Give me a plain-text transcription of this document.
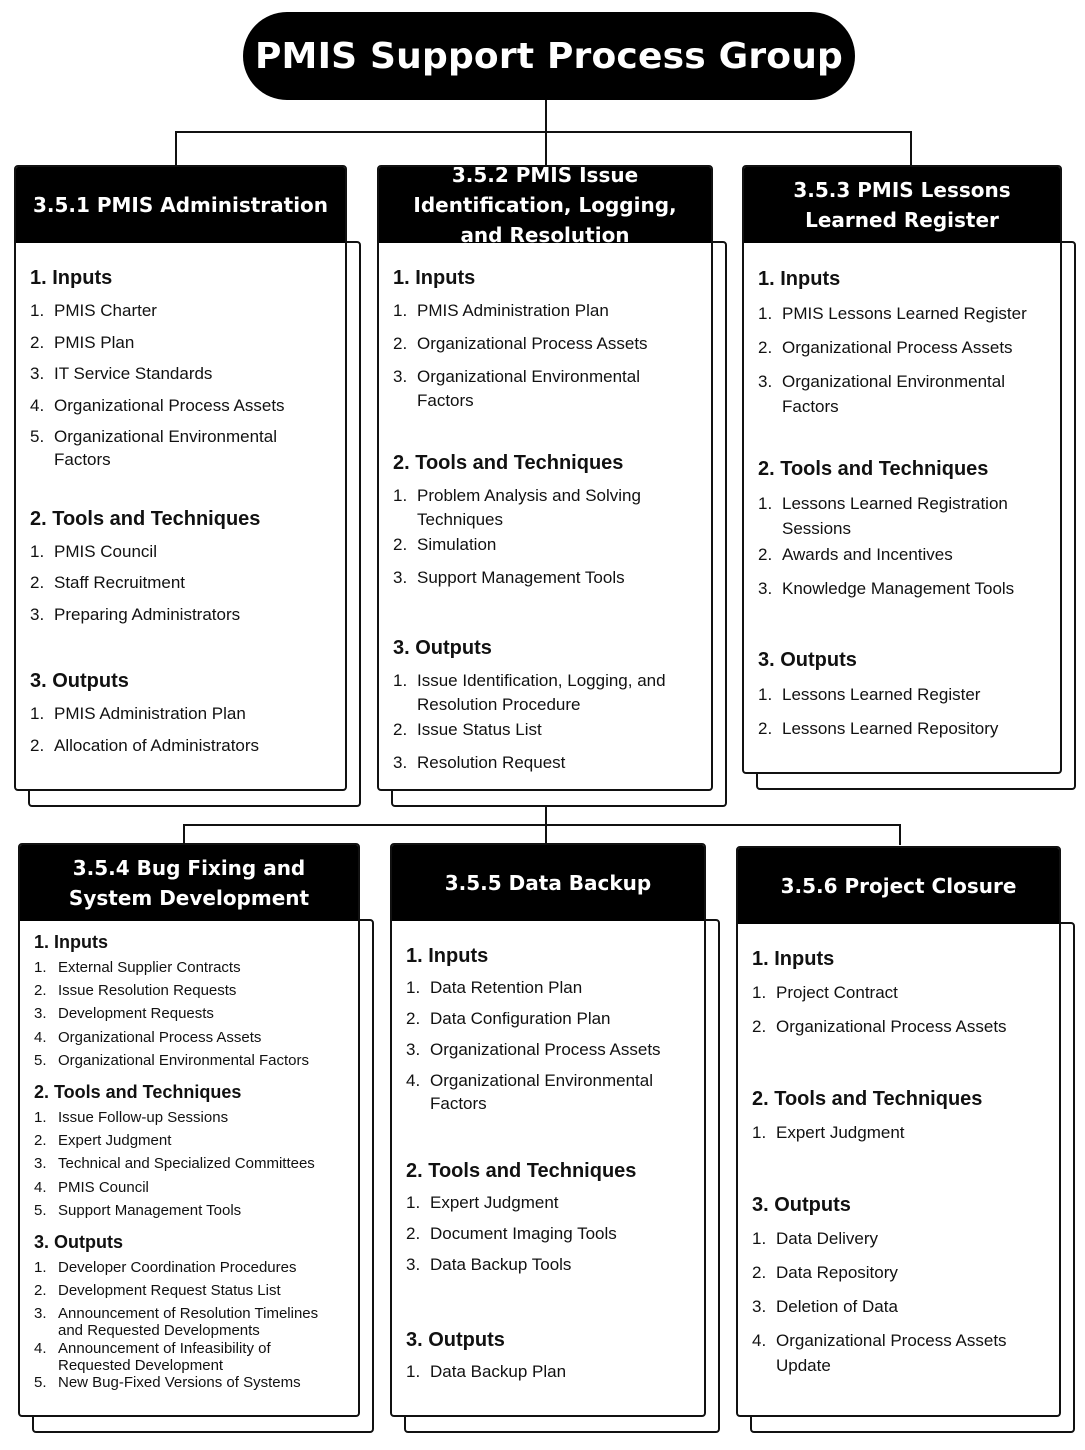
PMIS Support Process Group
3.5.1 PMIS Administration
1. Inputs
1. PMIS Charter
2. PMIS Plan
3. IT Service Standards
4. Organizational Process Assets
5. Organizational Environmental Factors
2. Tools and Techniques
1. PMIS Council
2. Staff Recruitment
3. Preparing Administrators
3. Outputs
1. PMIS Administration Plan
2. Allocation of Administrators
3.5.2 PMIS Issue Identification, Logging, and Resolution
1. Inputs
1. PMIS Administration Plan
2. Organizational Process Assets
3. Organizational Environmental Factors
2. Tools and Techniques
1. Problem Analysis and Solving Techniques
2. Simulation
3. Support Management Tools
3. Outputs
1. Issue Identification, Logging, and Resolution Procedure
2. Issue Status List
3. Resolution Request
3.5.3 PMIS Lessons Learned Register
1. Inputs
1. PMIS Lessons Learned Register
2. Organizational Process Assets
3. Organizational Environmental Factors
2. Tools and Techniques
1. Lessons Learned Registration Sessions
2. Awards and Incentives
3. Knowledge Management Tools
3. Outputs
1. Lessons Learned Register
2. Lessons Learned Repository
3.5.4 Bug Fixing and System Development
1. Inputs
1. External Supplier Contracts
2. Issue Resolution Requests
3. Development Requests
4. Organizational Process Assets
5. Organizational Environmental Factors
2. Tools and Techniques
1. Issue Follow-up Sessions
2. Expert Judgment
3. Technical and Specialized Committees
4. PMIS Council
5. Support Management Tools
3. Outputs
1. Developer Coordination Procedures
2. Development Request Status List
3. Announcement of Resolution Timelines and Requested Developments
4. Announcement of Infeasibility of Requested Development
5. New Bug-Fixed Versions of Systems
3.5.5 Data Backup
1. Inputs
1. Data Retention Plan
2. Data Configuration Plan
3. Organizational Process Assets
4. Organizational Environmental Factors
2. Tools and Techniques
1. Expert Judgment
2. Document Imaging Tools
3. Data Backup Tools
3. Outputs
1. Data Backup Plan
3.5.6 Project Closure
1. Inputs
1. Project Contract
2. Organizational Process Assets
2. Tools and Techniques
1. Expert Judgment
3. Outputs
1. Data Delivery
2. Data Repository
3. Deletion of Data
4. Organizational Process Assets Update
